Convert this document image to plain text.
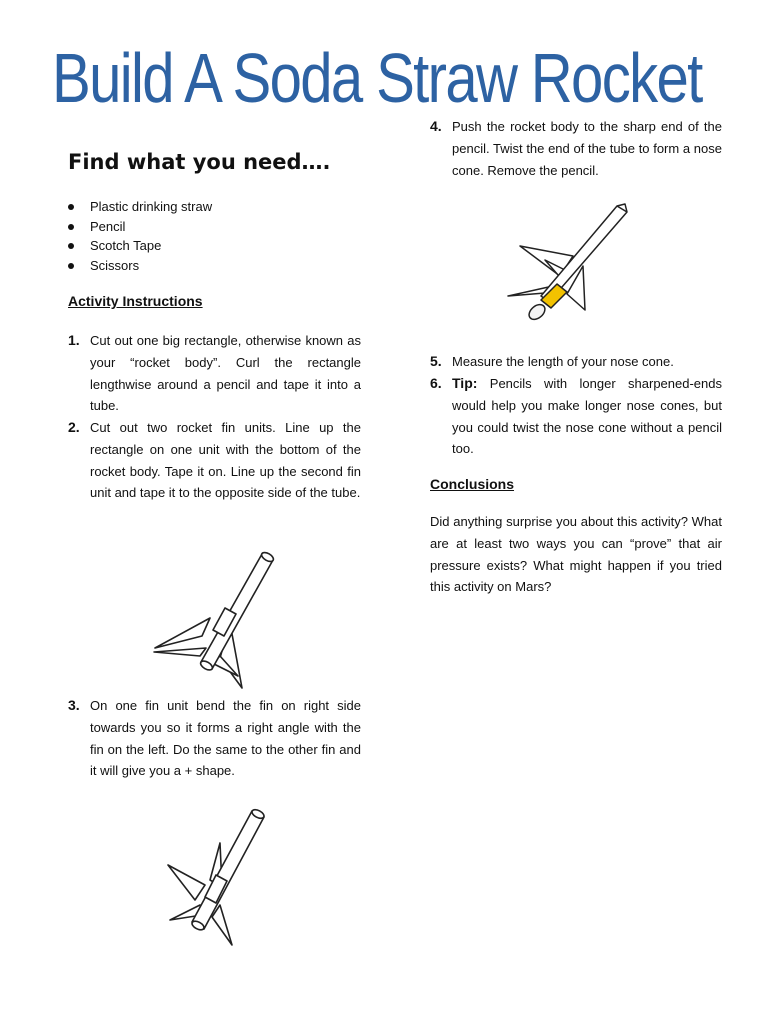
Build A Soda Straw Rocket
Find what you need….
Plastic drinking straw
Pencil
Scotch Tape
Scissors
Activity Instructions
1. Cut out one big rectangle, otherwise known as your “rocket body”. Curl the rectangle lengthwise around a pencil and tape it into a tube.
2. Cut out two rocket fin units. Line up the rectangle on one unit with the bottom of the rocket body. Tape it on. Line up the second fin unit and tape it to the opposite side of the tube.
3. On one fin unit bend the fin on right side towards you so it forms a right angle with the fin on the left. Do the same to the other fin and it will give you a + shape.
4. Push the rocket body to the sharp end of the pencil. Twist the end of the tube to form a nose cone. Remove the pencil.
5. Measure the length of your nose cone.
6. Tip: Pencils with longer sharpened-ends would help you make longer nose cones, but you could twist the nose cone without a pencil too.
Conclusions
Did anything surprise you about this activity? What are at least two ways you can “prove” that air pressure exists? What might happen if you tried this activity on Mars?
